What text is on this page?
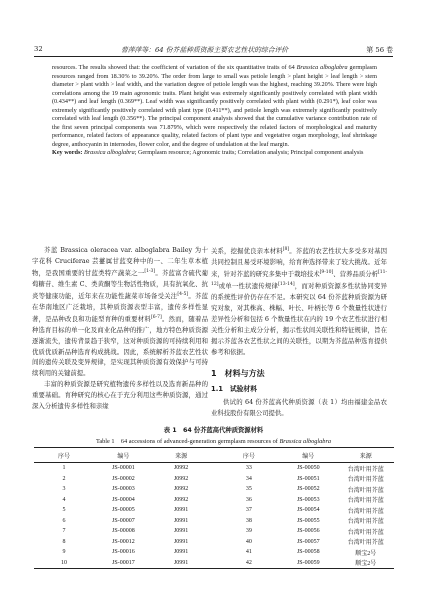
32	曹萍萍等：64 份芥蓝种质资源主要农艺性状的综合评价	第 56 卷

resources. The results showed that: the coefficient of variation of the six quantitative traits of 64 Brassica alboglabra germplasm resources ranged from 18.30% to 39.20%. The order from large to small was petiole length > plant height > leaf length > stem diameter > plant width > leaf width, and the variation degree of petiole length was the highest, reaching 39.20%. There were high correlations among the 19 main agronomic traits. Plant height was extremely significantly positively correlated with plant width (0.434**) and leaf length (0.369**). Leaf width was significantly positively correlated with plant width (0.291*), leaf color was extremely significantly positively correlated with plant type (0.411**), and petiole length was extremely significantly positively correlated with leaf length (0.356**). The principal component analysis showed that the cumulative variance contribution rate of the first seven principal components was 71.879%, which were respectively the related factors of morphological and maturity performance, related factors of appearance quality, related factors of plant type and vegetative organ morphology, leaf shrinkage degree, anthocyanin in internodes, flower color, and the degree of undulation at the leaf margin.

Key words: Brassica alboglabra; Germplasm resource; Agronomic traits; Correlation analysis; Principal component analysis

芥蓝 Brassica oleracea var. alboglabra Bailey 为十字花科 Cruciferae 芸薹属甘蓝变种中的一、二年生草本植物，是我国重要的甘蓝类特产蔬菜之一[1-3]。芥蓝富含硫代葡萄糖苷、维生素 C、类黄酮等生物活性物质，具有抗氧化、抗炎等健康功能，近年来在功能性蔬菜市场备受关注[4-5]。芥蓝在华南地区广泛栽培，其种质资源表型丰富，遗传多样性显著，是品种改良和功能型育种的重要材料[6-7]。然而，随着品种选育目标的单一化及商业化品种的推广，地方特色种质资源逐渐流失，遗传背景趋于狭窄，这对种质资源的可持续利用和优质优质新品种选育构成挑战。因此，系统解析芥蓝农艺性状间的遗传关联及变异规律，是实现其种质资源有效保护与可持续利用的关键前提。

丰富的种质资源是研究植物遗传多样性以及选育新品种的重要基础。育种研究的核心在于充分利用这些种质资源，通过深入分析遗传多样性和亲缘

关系，挖掘优良亲本材料[8]。芥蓝的农艺性状大多受多对基因共同控制且易受环境影响，给育种选择带来了较大挑战。近年来，针对芥蓝的研究多集中于栽培技术[9-10]、营养品质分析[11-12]或单一性状遗传规律[13-14]，而对种质资源多性状协同变异的系统性评价仍存在不足。本研究以 64 份芥蓝种质资源为研究对象，对其株高、株幅、叶长、叶柄长等 6 个数量性状进行差异性分析和包括 6 个数量性状在内的 19 个农艺性状进行相关性分析和主成分分析，揭示性状间关联性和特征规律，旨在揭示芥蓝各农艺性状之间的关联性，以期为芥蓝品种选育提供参考和依据。

1　材料与方法
1.1　试验材料

供试的 64 份芥蓝高代种质资源（表 1）均由福建金品农业科技股份有限公司提供。

表 1　64 份芥蓝高代种质资源材料
Table 1　64 accessions of advanced-generation germplasm resources of Brassica alboglabra
序号	编号	来源		序号	编号	来源
1	JS-00001	J0992		33	JS-00050	台湾叶用芥蓝
2	JS-00002	J0992		34	JS-00051	台湾叶用芥蓝
3	JS-00003	J0992		35	JS-00052	台湾叶用芥蓝
4	JS-00004	J0992		36	JS-00053	台湾叶用芥蓝
5	JS-00005	J0991		37	JS-00054	台湾叶用芥蓝
6	JS-00007	J0991		38	JS-00055	台湾叶用芥蓝
7	JS-00008	J0991		39	JS-00056	台湾叶用芥蓝
8	JS-00012	J0991		40	JS-00057	台湾叶用芥蓝
9	JS-00016	J0991		41	JS-00058	顺宝2号
10	JS-00017	J0991		42	JS-00059	顺宝2号
